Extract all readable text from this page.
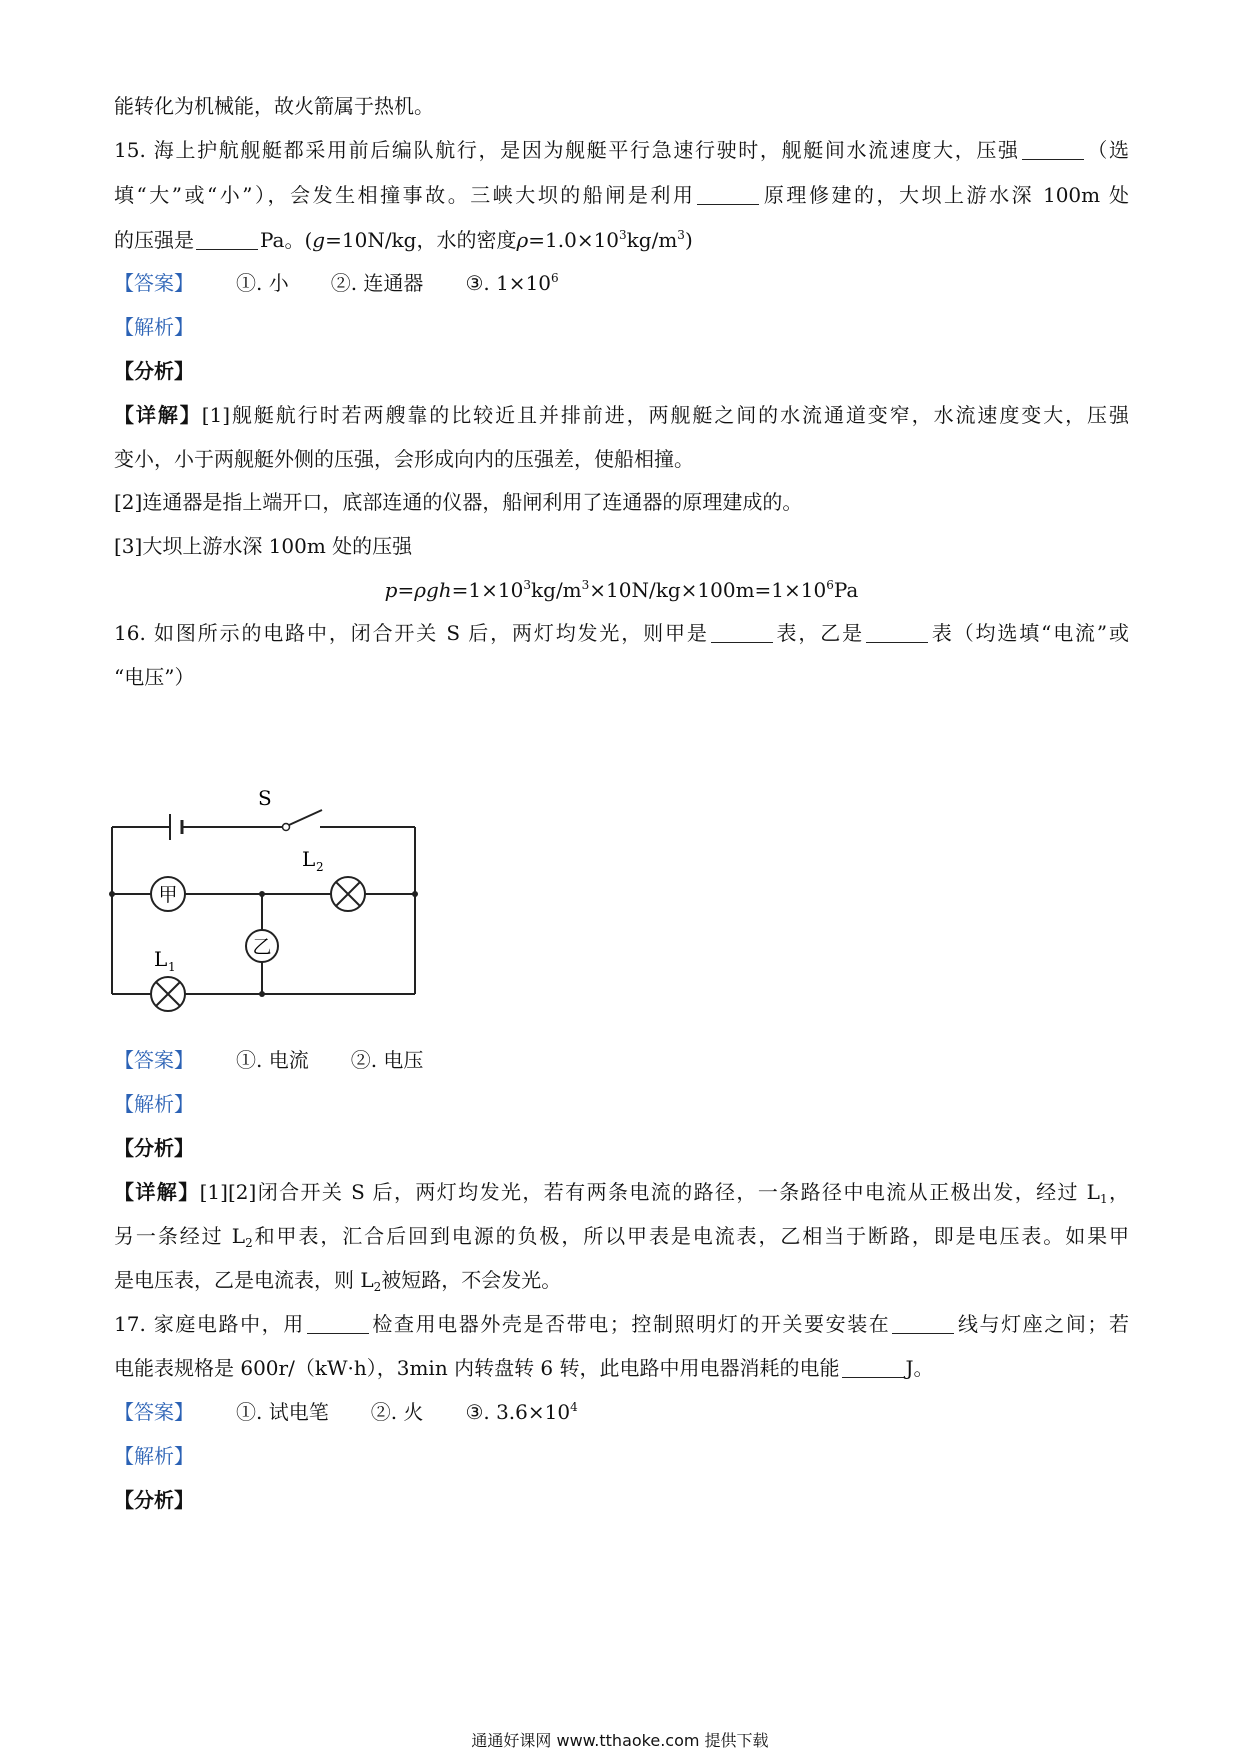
能转化为机械能，故火箭属于热机。
15. 海上护航舰艇都采用前后编队航行，是因为舰艇平行急速行驶时，舰艇间水流速度大，压强	（选
填“大”或“小”），会发生相撞事故。三峡大坝的船闸是利用	原理修建的，大坝上游水深 100m 处
的压强是	Pa。(g=10N/kg，水的密度$\rho=1.0\times 10^3kg/m^3$)
【答案】 ①. 小 ②. 连通器 ③. $1\times 10^6$
【解析】
【分析】
【详解】[1]舰艇航行时若两艘靠的比较近且并排前进，两舰艇之间的水流通道变窄，水流速度变大，压强
变小，小于两舰艇外侧的压强，会形成向内的压强差，使船相撞。
[2]连通器是指上端开口，底部连通的仪器，船闸利用了连通器的原理建成的。
[3]大坝上游水深 100m 处的压强
$p=\rho gh=1\times 10^3kg/m^3\times 10N/kg\times 100m=1\times 10^6Pa$
16. 如图所示的电路中，闭合开关 S 后，两灯均发光，则甲是	表，乙是	表（均选填“电流”或
“电压”）
甲
乙
S
L 2
L 1
【答案】 ①. 电流 ②. 电压
【解析】
【分析】
【详解】[1][2]闭合开关 S 后，两灯均发光，若有两条电流的路径，一条路径中电流从正极出发，经过 $L_1$，
另一条经过 $L_2$和甲表，汇合后回到电源的负极，所以甲表是电流表，乙相当于断路，即是电压表。如果甲
是电压表，乙是电流表，则 $L_2$被短路，不会发光。
17. 家庭电路中，用	检查用电器外壳是否带电；控制照明灯的开关要安装在	线与灯座之间；若
电能表规格是 600r/（kW·h），3min 内转盘转 6 转，此电路中用电器消耗的电能	J。
【答案】 ①. 试电笔 ②. 火 ③. $3.6\times 10^4$
【解析】
【分析】
通通好课网 www.tthaoke.com 提供下载
